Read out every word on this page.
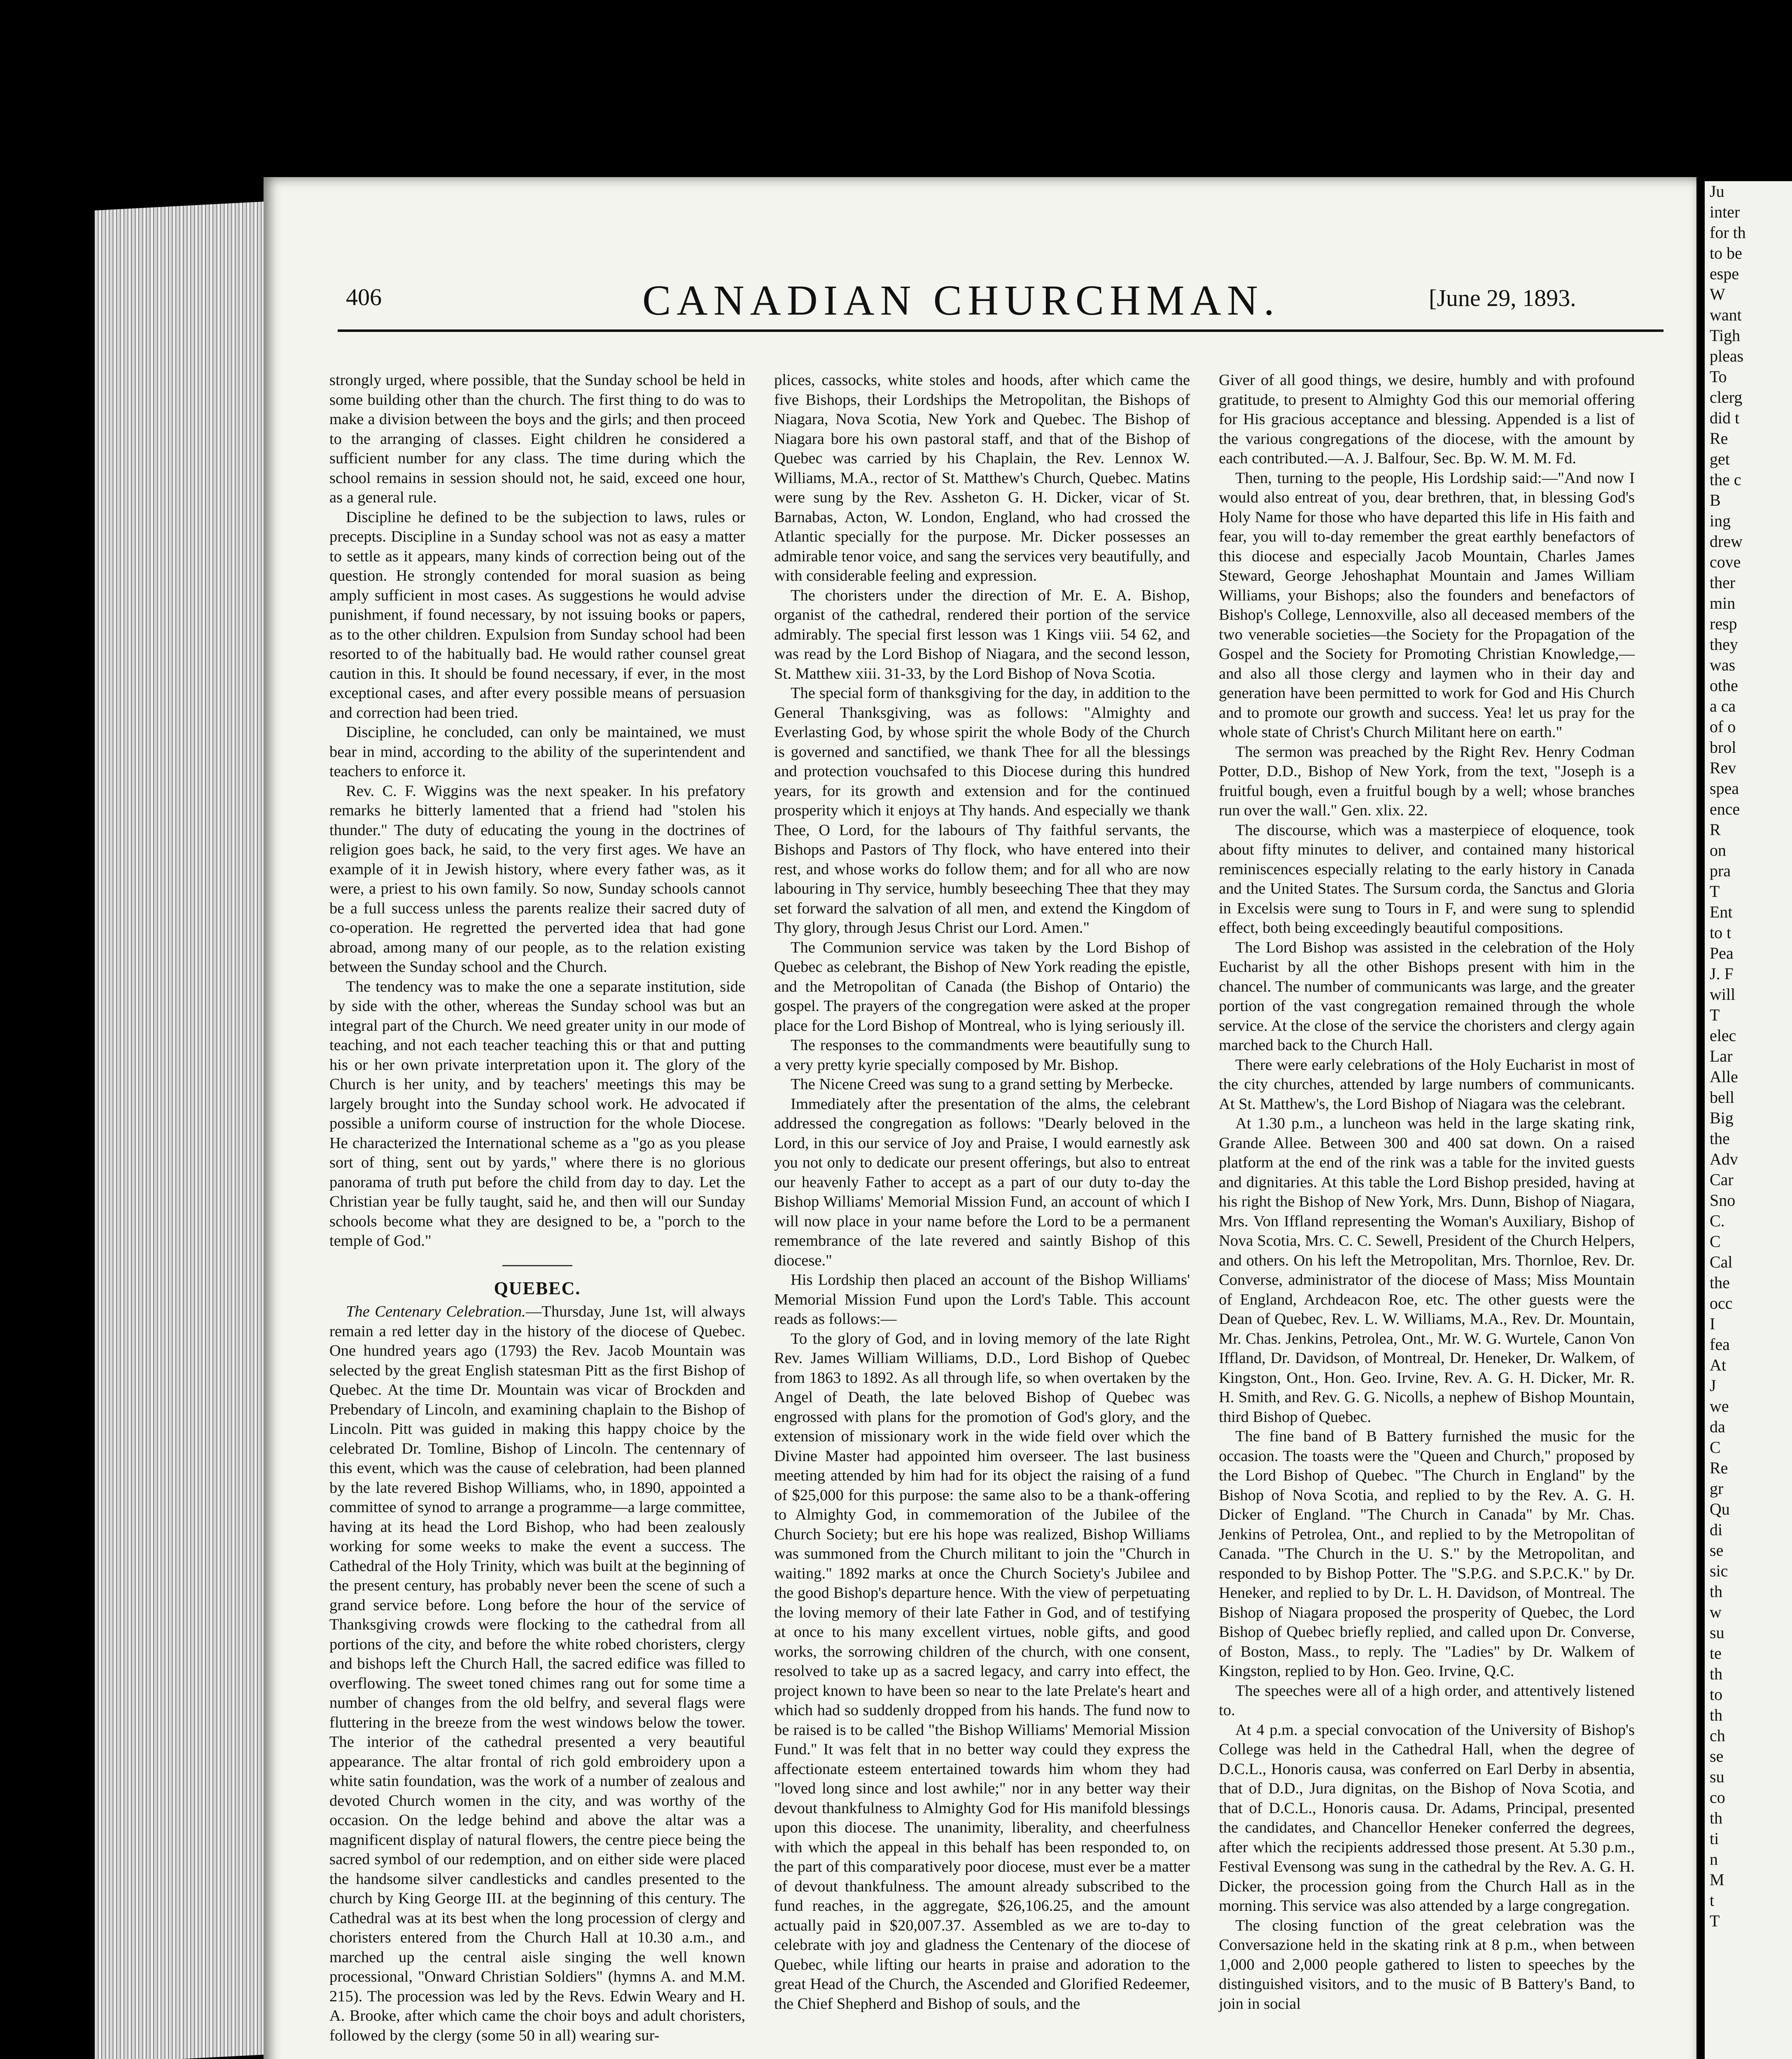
406	CANADIAN CHURCHMAN.	[June 29, 1893.

strongly urged, where possible, that the Sunday school be held in some building other than the church. The first thing to do was to make a division between the boys and the girls; and then proceed to the arranging of classes. Eight children he considered a sufficient number for any class. The time during which the school remains in session should not, he said, exceed one hour, as a general rule.

Discipline he defined to be the subjection to laws, rules or precepts. Discipline in a Sunday school was not as easy a matter to settle as it appears, many kinds of correction being out of the question. He strongly contended for moral suasion as being amply sufficient in most cases. As suggestions he would advise punishment, if found necessary, by not issuing books or papers, as to the other children. Expulsion from Sunday school had been resorted to of the habitually bad. He would rather counsel great caution in this. It should be found necessary, if ever, in the most exceptional cases, and after every possible means of persuasion and correction had been tried.

Discipline, he concluded, can only be maintained, we must bear in mind, according to the ability of the superintendent and teachers to enforce it.

Rev. C. F. Wiggins was the next speaker. In his prefatory remarks he bitterly lamented that a friend had "stolen his thunder." The duty of educating the young in the doctrines of religion goes back, he said, to the very first ages. We have an example of it in Jewish history, where every father was, as it were, a priest to his own family. So now, Sunday schools cannot be a full success unless the parents realize their sacred duty of co-operation. He regretted the perverted idea that had gone abroad, among many of our people, as to the relation existing between the Sunday school and the Church.

The tendency was to make the one a separate institution, side by side with the other, whereas the Sunday school was but an integral part of the Church. We need greater unity in our mode of teaching, and not each teacher teaching this or that and putting his or her own private interpretation upon it. The glory of the Church is her unity, and by teachers' meetings this may be largely brought into the Sunday school work. He advocated if possible a uniform course of instruction for the whole Diocese. He characterized the International scheme as a "go as you please sort of thing, sent out by yards," where there is no glorious panorama of truth put before the child from day to day. Let the Christian year be fully taught, said he, and then will our Sunday schools become what they are designed to be, a "porch to the temple of God."

QUEBEC.

The Centenary Celebration.—Thursday, June 1st, will always remain a red letter day in the history of the diocese of Quebec. One hundred years ago (1793) the Rev. Jacob Mountain was selected by the great English statesman Pitt as the first Bishop of Quebec. At the time Dr. Mountain was vicar of Brockden and Prebendary of Lincoln, and examining chaplain to the Bishop of Lincoln. Pitt was guided in making this happy choice by the celebrated Dr. Tomline, Bishop of Lincoln. The centennary of this event, which was the cause of celebration, had been planned by the late revered Bishop Williams, who, in 1890, appointed a committee of synod to arrange a programme—a large committee, having at its head the Lord Bishop, who had been zealously working for some weeks to make the event a success. The Cathedral of the Holy Trinity, which was built at the beginning of the present century, has probably never been the scene of such a grand service before. Long before the hour of the service of Thanksgiving crowds were flocking to the cathedral from all portions of the city, and before the white robed choristers, clergy and bishops left the Church Hall, the sacred edifice was filled to overflowing. The sweet toned chimes rang out for some time a number of changes from the old belfry, and several flags were fluttering in the breeze from the west windows below the tower. The interior of the cathedral presented a very beautiful appearance. The altar frontal of rich gold embroidery upon a white satin foundation, was the work of a number of zealous and devoted Church women in the city, and was worthy of the occasion. On the ledge behind and above the altar was a magnificent display of natural flowers, the centre piece being the sacred symbol of our redemption, and on either side were placed the handsome silver candlesticks and candles presented to the church by King George III. at the beginning of this century. The Cathedral was at its best when the long procession of clergy and choristers entered from the Church Hall at 10.30 a.m., and marched up the central aisle singing the well known processional, "Onward Christian Soldiers" (hymns A. and M.M. 215). The procession was led by the Revs. Edwin Weary and H. A. Brooke, after which came the choir boys and adult choristers, followed by the clergy (some 50 in all) wearing sur-

plices, cassocks, white stoles and hoods, after which came the five Bishops, their Lordships the Metropolitan, the Bishops of Niagara, Nova Scotia, New York and Quebec. The Bishop of Niagara bore his own pastoral staff, and that of the Bishop of Quebec was carried by his Chaplain, the Rev. Lennox W. Williams, M.A., rector of St. Matthew's Church, Quebec. Matins were sung by the Rev. Assheton G. H. Dicker, vicar of St. Barnabas, Acton, W. London, England, who had crossed the Atlantic specially for the purpose. Mr. Dicker possesses an admirable tenor voice, and sang the services very beautifully, and with considerable feeling and expression.

The choristers under the direction of Mr. E. A. Bishop, organist of the cathedral, rendered their portion of the service admirably. The special first lesson was 1 Kings viii. 54 62, and was read by the Lord Bishop of Niagara, and the second lesson, St. Matthew xiii. 31-33, by the Lord Bishop of Nova Scotia.

The special form of thanksgiving for the day, in addition to the General Thanksgiving, was as follows: "Almighty and Everlasting God, by whose spirit the whole Body of the Church is governed and sanctified, we thank Thee for all the blessings and protection vouchsafed to this Diocese during this hundred years, for its growth and extension and for the continued prosperity which it enjoys at Thy hands. And especially we thank Thee, O Lord, for the labours of Thy faithful servants, the Bishops and Pastors of Thy flock, who have entered into their rest, and whose works do follow them; and for all who are now labouring in Thy service, humbly beseeching Thee that they may set forward the salvation of all men, and extend the Kingdom of Thy glory, through Jesus Christ our Lord. Amen."

The Communion service was taken by the Lord Bishop of Quebec as celebrant, the Bishop of New York reading the epistle, and the Metropolitan of Canada (the Bishop of Ontario) the gospel. The prayers of the congregation were asked at the proper place for the Lord Bishop of Montreal, who is lying seriously ill.

The responses to the commandments were beautifully sung to a very pretty kyrie specially composed by Mr. Bishop.

The Nicene Creed was sung to a grand setting by Merbecke.

Immediately after the presentation of the alms, the celebrant addressed the congregation as follows: "Dearly beloved in the Lord, in this our service of Joy and Praise, I would earnestly ask you not only to dedicate our present offerings, but also to entreat our heavenly Father to accept as a part of our duty to-day the Bishop Williams' Memorial Mission Fund, an account of which I will now place in your name before the Lord to be a permanent remembrance of the late revered and saintly Bishop of this diocese."

His Lordship then placed an account of the Bishop Williams' Memorial Mission Fund upon the Lord's Table. This account reads as follows:—

To the glory of God, and in loving memory of the late Right Rev. James William Williams, D.D., Lord Bishop of Quebec from 1863 to 1892. As all through life, so when overtaken by the Angel of Death, the late beloved Bishop of Quebec was engrossed with plans for the promotion of God's glory, and the extension of missionary work in the wide field over which the Divine Master had appointed him overseer. The last business meeting attended by him had for its object the raising of a fund of $25,000 for this purpose: the same also to be a thank-offering to Almighty God, in commemoration of the Jubilee of the Church Society; but ere his hope was realized, Bishop Williams was summoned from the Church militant to join the "Church in waiting." 1892 marks at once the Church Society's Jubilee and the good Bishop's departure hence. With the view of perpetuating the loving memory of their late Father in God, and of testifying at once to his many excellent virtues, noble gifts, and good works, the sorrowing children of the church, with one consent, resolved to take up as a sacred legacy, and carry into effect, the project known to have been so near to the late Prelate's heart and which had so suddenly dropped from his hands. The fund now to be raised is to be called "the Bishop Williams' Memorial Mission Fund." It was felt that in no better way could they express the affectionate esteem entertained towards him whom they had "loved long since and lost awhile;" nor in any better way their devout thankfulness to Almighty God for His manifold blessings upon this diocese. The unanimity, liberality, and cheerfulness with which the appeal in this behalf has been responded to, on the part of this comparatively poor diocese, must ever be a matter of devout thankfulness. The amount already subscribed to the fund reaches, in the aggregate, $26,106.25, and the amount actually paid in $20,007.37. Assembled as we are to-day to celebrate with joy and gladness the Centenary of the diocese of Quebec, while lifting our hearts in praise and adoration to the great Head of the Church, the Ascended and Glorified Redeemer, the Chief Shepherd and Bishop of souls, and the

Giver of all good things, we desire, humbly and with profound gratitude, to present to Almighty God this our memorial offering for His gracious acceptance and blessing. Appended is a list of the various congregations of the diocese, with the amount by each contributed.—A. J. Balfour, Sec. Bp. W. M. M. Fd.

Then, turning to the people, His Lordship said:—"And now I would also entreat of you, dear brethren, that, in blessing God's Holy Name for those who have departed this life in His faith and fear, you will to-day remember the great earthly benefactors of this diocese and especially Jacob Mountain, Charles James Steward, George Jehoshaphat Mountain and James William Williams, your Bishops; also the founders and benefactors of Bishop's College, Lennoxville, also all deceased members of the two venerable societies—the Society for the Propagation of the Gospel and the Society for Promoting Christian Knowledge,—and also all those clergy and laymen who in their day and generation have been permitted to work for God and His Church and to promote our growth and success. Yea! let us pray for the whole state of Christ's Church Militant here on earth."

The sermon was preached by the Right Rev. Henry Codman Potter, D.D., Bishop of New York, from the text, "Joseph is a fruitful bough, even a fruitful bough by a well; whose branches run over the wall." Gen. xlix. 22.

The discourse, which was a masterpiece of eloquence, took about fifty minutes to deliver, and contained many historical reminiscences especially relating to the early history in Canada and the United States. The Sursum corda, the Sanctus and Gloria in Excelsis were sung to Tours in F, and were sung to splendid effect, both being exceedingly beautiful compositions.

The Lord Bishop was assisted in the celebration of the Holy Eucharist by all the other Bishops present with him in the chancel. The number of communicants was large, and the greater portion of the vast congregation remained through the whole service. At the close of the service the choristers and clergy again marched back to the Church Hall.

There were early celebrations of the Holy Eucharist in most of the city churches, attended by large numbers of communicants. At St. Matthew's, the Lord Bishop of Niagara was the celebrant.

At 1.30 p.m., a luncheon was held in the large skating rink, Grande Allee. Between 300 and 400 sat down. On a raised platform at the end of the rink was a table for the invited guests and dignitaries. At this table the Lord Bishop presided, having at his right the Bishop of New York, Mrs. Dunn, Bishop of Niagara, Mrs. Von Iffland representing the Woman's Auxiliary, Bishop of Nova Scotia, Mrs. C. C. Sewell, President of the Church Helpers, and others. On his left the Metropolitan, Mrs. Thornloe, Rev. Dr. Converse, administrator of the diocese of Mass; Miss Mountain of England, Archdeacon Roe, etc. The other guests were the Dean of Quebec, Rev. L. W. Williams, M.A., Rev. Dr. Mountain, Mr. Chas. Jenkins, Petrolea, Ont., Mr. W. G. Wurtele, Canon Von Iffland, Dr. Davidson, of Montreal, Dr. Heneker, Dr. Walkem, of Kingston, Ont., Hon. Geo. Irvine, Rev. A. G. H. Dicker, Mr. R. H. Smith, and Rev. G. G. Nicolls, a nephew of Bishop Mountain, third Bishop of Quebec.

The fine band of B Battery furnished the music for the occasion. The toasts were the "Queen and Church," proposed by the Lord Bishop of Quebec. "The Church in England" by the Bishop of Nova Scotia, and replied to by the Rev. A. G. H. Dicker of England. "The Church in Canada" by Mr. Chas. Jenkins of Petrolea, Ont., and replied to by the Metropolitan of Canada. "The Church in the U. S." by the Metropolitan, and responded to by Bishop Potter. The "S.P.G. and S.P.C.K." by Dr. Heneker, and replied to by Dr. L. H. Davidson, of Montreal. The Bishop of Niagara proposed the prosperity of Quebec, the Lord Bishop of Quebec briefly replied, and called upon Dr. Converse, of Boston, Mass., to reply. The "Ladies" by Dr. Walkem of Kingston, replied to by Hon. Geo. Irvine, Q.C.

The speeches were all of a high order, and attentively listened to.

At 4 p.m. a special convocation of the University of Bishop's College was held in the Cathedral Hall, when the degree of D.C.L., Honoris causa, was conferred on Earl Derby in absentia, that of D.D., Jura dignitas, on the Bishop of Nova Scotia, and that of D.C.L., Honoris causa. Dr. Adams, Principal, presented the candidates, and Chancellor Heneker conferred the degrees, after which the recipients addressed those present. At 5.30 p.m., Festival Evensong was sung in the cathedral by the Rev. A. G. H. Dicker, the procession going from the Church Hall as in the morning. This service was also attended by a large congregation.

The closing function of the great celebration was the Conversazione held in the skating rink at 8 p.m., when between 1,000 and 2,000 people gathered to listen to speeches by the distinguished visitors, and to the music of B Battery's Band, to join in social

Ju
inter
for th
to be
espe
W
want
Tigh
pleas
To
clerg
did t
Re
get
the c
B
ing
drew
cove
ther
min
resp
they
was
othe
a ca
of o
brol
Rev
spea
ence
R
on
pra
T
Ent
to t
Pea
J. F
will
T
elec
Lar
Alle
bell
Big
the
Adv
Car
Sno
C.
C
Cal
the
occ
I
fea
At
J
we
da
C
Re
gr
Qu
di
se
sic
th
w
su
te
th
to
th
ch
se
su
co
th
ti
n
M
t
T
